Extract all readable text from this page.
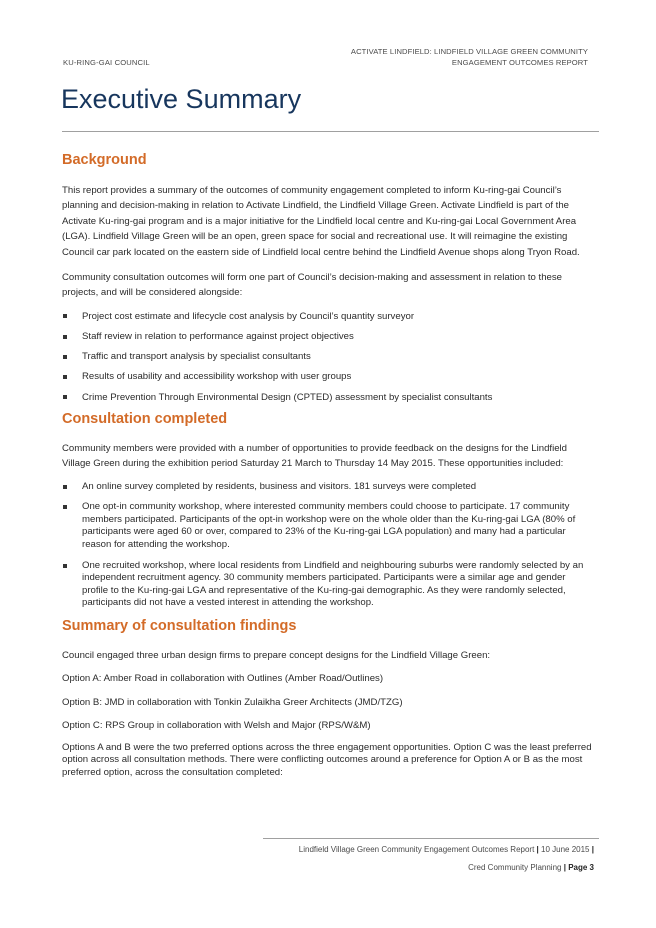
KU-RING-GAI COUNCIL
ACTIVATE LINDFIELD: LINDFIELD VILLAGE GREEN COMMUNITY
ENGAGEMENT OUTCOMES REPORT
Executive Summary
Background

This report provides a summary of the outcomes of community engagement completed to inform Ku-ring-gai Council’s planning and decision-making in relation to Activate Lindfield, the Lindfield Village Green. Activate Lindfield is part of the Activate Ku-ring-gai program and is a major initiative for the Lindfield local centre and Ku-ring-gai Local Government Area (LGA). Lindfield Village Green will be an open, green space for social and recreational use. It will reimagine the existing Council car park located on the eastern side of Lindfield local centre behind the Lindfield Avenue shops along Tryon Road.

Community consultation outcomes will form one part of Council’s decision-making and assessment in relation to these projects, and will be considered alongside:

Project cost estimate and lifecycle cost analysis by Council’s quantity surveyor
Staff review in relation to performance against project objectives
Traffic and transport analysis by specialist consultants
Results of usability and accessibility workshop with user groups
Crime Prevention Through Environmental Design (CPTED) assessment by specialist consultants
Consultation completed

Community members were provided with a number of opportunities to provide feedback on the designs for the Lindfield Village Green during the exhibition period Saturday 21 March to Thursday 14 May 2015. These opportunities included:

An online survey completed by residents, business and visitors. 181 surveys were completed
One opt-in community workshop, where interested community members could choose to participate. 17 community members participated. Participants of the opt-in workshop were on the whole older than the Ku-ring-gai LGA (80% of participants were aged 60 or over, compared to 23% of the Ku-ring-gai LGA population) and many had a particular reason for attending the workshop.
One recruited workshop, where local residents from Lindfield and neighbouring suburbs were randomly selected by an independent recruitment agency. 30 community members participated. Participants were a similar age and gender profile to the Ku-ring-gai LGA and representative of the Ku-ring-gai demographic. As they were randomly selected, participants did not have a vested interest in attending the workshop.
Summary of consultation findings

Council engaged three urban design firms to prepare concept designs for the Lindfield Village Green:

Option A: Amber Road in collaboration with Outlines (Amber Road/Outlines)

Option B: JMD in collaboration with Tonkin Zulaikha Greer Architects (JMD/TZG)

Option C: RPS Group in collaboration with Welsh and Major (RPS/W&M)

Options A and B were the two preferred options across the three engagement opportunities. Option C was the least preferred option across all consultation methods. There were conflicting outcomes around a preference for Option A or B as the most preferred option, across the consultation completed:

Lindfield Village Green Community Engagement Outcomes Report | 10 June 2015 |
Cred Community Planning | Page 3
